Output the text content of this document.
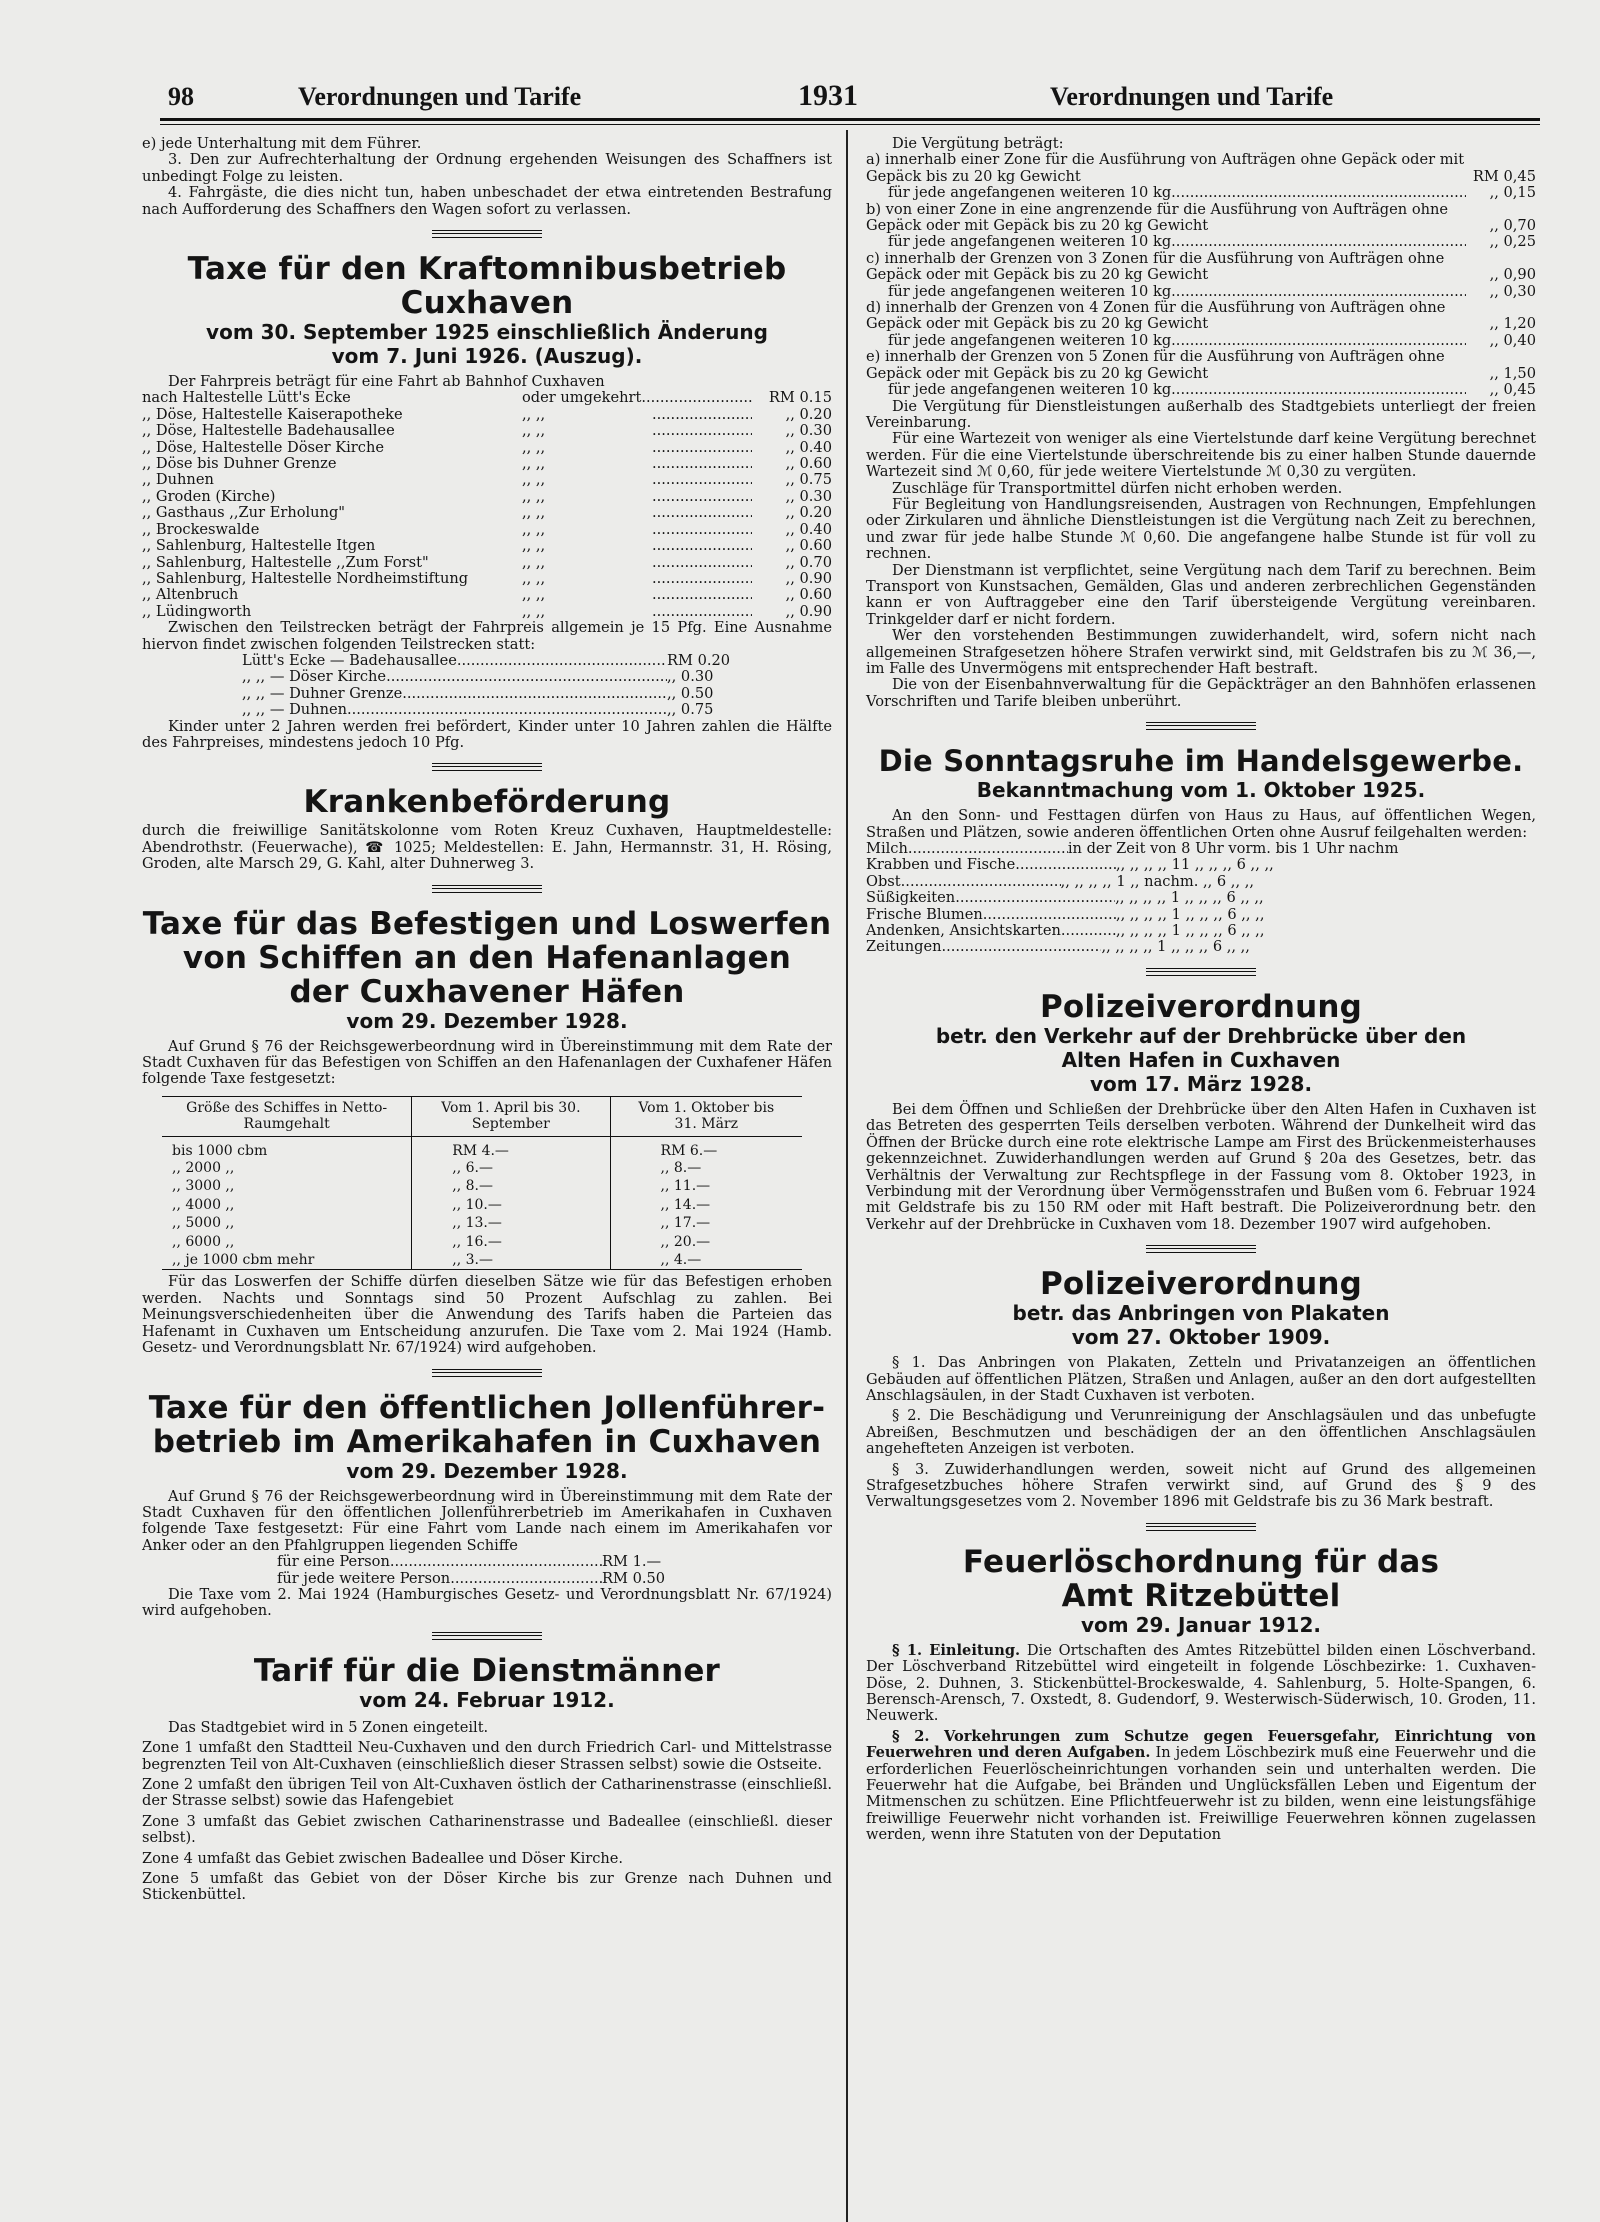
98	Verordnungen und Tarife	1931	Verordnungen und Tarife

e) jede Unterhaltung mit dem Führer.

3. Den zur Aufrechterhaltung der Ordnung ergehenden Weisungen des Schaffners ist unbedingt Folge zu leisten.

4. Fahrgäste, die dies nicht tun, haben unbeschadet der etwa eintretenden Bestrafung nach Aufforderung des Schaffners den Wagen sofort zu verlassen.

Taxe für den Kraftomnibusbetrieb Cuxhaven
vom 30. September 1925 einschließlich Änderung
vom 7. Juni 1926. (Auszug).

Der Fahrpreis beträgt für eine Fahrt ab Bahnhof Cuxhaven

nach Haltestelle Lütt's Ecke	oder umgekehrt .....	RM 0.15
,, Döse, Haltestelle Kaiserapotheke	,, ,, .....	,, 0.20
,, Döse, Haltestelle Badehausallee	,, ,, .....	,, 0.30
,, Döse, Haltestelle Döser Kirche	,, ,, .....	,, 0.40
,, Döse bis Duhner Grenze	,, ,, .....	,, 0.60
,, Duhnen	,, ,, .....	,, 0.75
,, Groden (Kirche)	,, ,, .....	,, 0.30
,, Gasthaus ,,Zur Erholung"	,, ,, .....	,, 0.20
,, Brockeswalde	,, ,, .....	,, 0.40
,, Sahlenburg, Haltestelle Itgen	,, ,, .....	,, 0.60
,, Sahlenburg, Haltestelle ,,Zum Forst"	,, ,, .....	,, 0.70
,, Sahlenburg, Haltestelle Nordheimstiftung	,, ,, .....	,, 0.90
,, Altenbruch	,, ,, .....	,, 0.60
,, Lüdingworth	,, ,, .....	,, 0.90

Zwischen den Teilstrecken beträgt der Fahrpreis allgemein je 15 Pfg. Eine Ausnahme hiervon findet zwischen folgenden Teilstrecken statt:

Lütt's Ecke — Badehausallee .....	RM 0.20
,, ,, — Döser Kirche .....	,, 0.30
,, ,, — Duhner Grenze .....	,, 0.50
,, ,, — Duhnen .....	,, 0.75

Kinder unter 2 Jahren werden frei befördert, Kinder unter 10 Jahren zahlen die Hälfte des Fahrpreises, mindestens jedoch 10 Pfg.

Krankenbeförderung

durch die freiwillige Sanitätskolonne vom Roten Kreuz Cuxhaven, Hauptmeldestelle: Abendrothstr. (Feuerwache), ☎ 1025; Meldestellen: E. Jahn, Hermannstr. 31, H. Rösing, Groden, alte Marsch 29, G. Kahl, alter Duhnerweg 3.

Taxe für das Befestigen und Loswerfen
von Schiffen an den Hafenanlagen
der Cuxhavener Häfen
vom 29. Dezember 1928.

Auf Grund § 76 der Reichsgewerbeordnung wird in Übereinstimmung mit dem Rate der Stadt Cuxhaven für das Befestigen von Schiffen an den Hafenanlagen der Cuxhafener Häfen folgende Taxe festgesetzt:

Größe des Schiffes in Netto-Raumgehalt	Vom 1. April bis 30. September	Vom 1. Oktober bis 31. März
bis 1000 cbm	RM 4.—	RM 6.—
,, 2000 ,,	,, 6.—	,, 8.—
,, 3000 ,,	,, 8.—	,, 11.—
,, 4000 ,,	,, 10.—	,, 14.—
,, 5000 ,,	,, 13.—	,, 17.—
,, 6000 ,,	,, 16.—	,, 20.—
,, je 1000 cbm mehr	,, 3.—	,, 4.—

Für das Loswerfen der Schiffe dürfen dieselben Sätze wie für das Befestigen erhoben werden. Nachts und Sonntags sind 50 Prozent Aufschlag zu zahlen. Bei Meinungsverschiedenheiten über die Anwendung des Tarifs haben die Parteien das Hafenamt in Cuxhaven um Entscheidung anzurufen. Die Taxe vom 2. Mai 1924 (Hamb. Gesetz- und Verordnungsblatt Nr. 67/1924) wird aufgehoben.

Taxe für den öffentlichen Jollenführer-
betrieb im Amerikahafen in Cuxhaven
vom 29. Dezember 1928.

Auf Grund § 76 der Reichsgewerbeordnung wird in Übereinstimmung mit dem Rate der Stadt Cuxhaven für den öffentlichen Jollenführerbetrieb im Amerikahafen in Cuxhaven folgende Taxe festgesetzt: Für eine Fahrt vom Lande nach einem im Amerikahafen vor Anker oder an den Pfahlgruppen liegenden Schiffe

für eine Person .....	RM 1.—
für jede weitere Person .....	RM 0.50

Die Taxe vom 2. Mai 1924 (Hamburgisches Gesetz- und Verordnungsblatt Nr. 67/1924) wird aufgehoben.

Tarif für die Dienstmänner
vom 24. Februar 1912.

Das Stadtgebiet wird in 5 Zonen eingeteilt.

Zone 1 umfaßt den Stadtteil Neu-Cuxhaven und den durch Friedrich Carl- und Mittelstrasse begrenzten Teil von Alt-Cuxhaven (einschließlich dieser Strassen selbst) sowie die Ostseite.

Zone 2 umfaßt den übrigen Teil von Alt-Cuxhaven östlich der Catharinenstrasse (einschließl. der Strasse selbst) sowie das Hafengebiet

Zone 3 umfaßt das Gebiet zwischen Catharinenstrasse und Badeallee (einschließl. dieser selbst).

Zone 4 umfaßt das Gebiet zwischen Badeallee und Döser Kirche.

Zone 5 umfaßt das Gebiet von der Döser Kirche bis zur Grenze nach Duhnen und Stickenbüttel.

Die Vergütung beträgt:

a) innerhalb einer Zone für die Ausführung von Aufträgen ohne Gepäck oder mit Gepäck bis zu 20 kg Gewicht	RM 0,45
für jede angefangenen weiteren 10 kg .....	,, 0,15
b) von einer Zone in eine angrenzende für die Ausführung von Aufträgen ohne Gepäck oder mit Gepäck bis zu 20 kg Gewicht	,, 0,70
für jede angefangenen weiteren 10 kg .....	,, 0,25
c) innerhalb der Grenzen von 3 Zonen für die Ausführung von Aufträgen ohne Gepäck oder mit Gepäck bis zu 20 kg Gewicht	,, 0,90
für jede angefangenen weiteren 10 kg .....	,, 0,30
d) innerhalb der Grenzen von 4 Zonen für die Ausführung von Aufträgen ohne Gepäck oder mit Gepäck bis zu 20 kg Gewicht	,, 1,20
für jede angefangenen weiteren 10 kg .....	,, 0,40
e) innerhalb der Grenzen von 5 Zonen für die Ausführung von Aufträgen ohne Gepäck oder mit Gepäck bis zu 20 kg Gewicht	,, 1,50
für jede angefangenen weiteren 10 kg .....	,, 0,45

Die Vergütung für Dienstleistungen außerhalb des Stadtgebiets unterliegt der freien Vereinbarung.

Für eine Wartezeit von weniger als eine Viertelstunde darf keine Vergütung berechnet werden. Für die eine Viertelstunde überschreitende bis zu einer halben Stunde dauernde Wartezeit sind ℳ 0,60, für jede weitere Viertelstunde ℳ 0,30 zu vergüten.

Zuschläge für Transportmittel dürfen nicht erhoben werden.

Für Begleitung von Handlungsreisenden, Austragen von Rechnungen, Empfehlungen oder Zirkularen und ähnliche Dienstleistungen ist die Vergütung nach Zeit zu berechnen, und zwar für jede halbe Stunde ℳ 0,60. Die angefangene halbe Stunde ist für voll zu rechnen.

Der Dienstmann ist verpflichtet, seine Vergütung nach dem Tarif zu berechnen. Beim Transport von Kunstsachen, Gemälden, Glas und anderen zerbrechlichen Gegenständen kann er von Auftraggeber eine den Tarif übersteigende Vergütung vereinbaren. Trinkgelder darf er nicht fordern.

Wer den vorstehenden Bestimmungen zuwiderhandelt, wird, sofern nicht nach allgemeinen Strafgesetzen höhere Strafen verwirkt sind, mit Geldstrafen bis zu ℳ 36,—, im Falle des Unvermögens mit entsprechender Haft bestraft.

Die von der Eisenbahnverwaltung für die Gepäckträger an den Bahnhöfen erlassenen Vorschriften und Tarife bleiben unberührt.

Die Sonntagsruhe im Handelsgewerbe.
Bekanntmachung vom 1. Oktober 1925.

An den Sonn- und Festtagen dürfen von Haus zu Haus, auf öffentlichen Wegen, Straßen und Plätzen, sowie anderen öffentlichen Orten ohne Ausruf feilgehalten werden:

Milch .....	in der Zeit von 8 Uhr vorm. bis 1 Uhr nachm
Krabben und Fische .....	,, ,, ,, ,, 11 ,, ,, ,, 6 ,, ,,
Obst .....	,, ,, ,, ,, 1 ,, nachm. ,, 6 ,, ,,
Süßigkeiten .....	,, ,, ,, ,, 1 ,, ,, ,, 6 ,, ,,
Frische Blumen .....	,, ,, ,, ,, 1 ,, ,, ,, 6 ,, ,,
Andenken, Ansichtskarten .....	,, ,, ,, ,, 1 ,, ,, ,, 6 ,, ,,
Zeitungen .....	,, ,, ,, ,, 1 ,, ,, ,, 6 ,, ,,
Polizeiverordnung
betr. den Verkehr auf der Drehbrücke über den
Alten Hafen in Cuxhaven
vom 17. März 1928.

Bei dem Öffnen und Schließen der Drehbrücke über den Alten Hafen in Cuxhaven ist das Betreten des gesperrten Teils derselben verboten. Während der Dunkelheit wird das Öffnen der Brücke durch eine rote elektrische Lampe am First des Brückenmeisterhauses gekennzeichnet. Zuwiderhandlungen werden auf Grund § 20a des Gesetzes, betr. das Verhältnis der Verwaltung zur Rechtspflege in der Fassung vom 8. Oktober 1923, in Verbindung mit der Verordnung über Vermögensstrafen und Bußen vom 6. Februar 1924 mit Geldstrafe bis zu 150 RM oder mit Haft bestraft. Die Polizeiverordnung betr. den Verkehr auf der Drehbrücke in Cuxhaven vom 18. Dezember 1907 wird aufgehoben.

Polizeiverordnung
betr. das Anbringen von Plakaten
vom 27. Oktober 1909.

§ 1. Das Anbringen von Plakaten, Zetteln und Privatanzeigen an öffentlichen Gebäuden auf öffentlichen Plätzen, Straßen und Anlagen, außer an den dort aufgestellten Anschlagsäulen, in der Stadt Cuxhaven ist verboten.

§ 2. Die Beschädigung und Verunreinigung der Anschlagsäulen und das unbefugte Abreißen, Beschmutzen und beschädigen der an den öffentlichen Anschlagsäulen angehefteten Anzeigen ist verboten.

§ 3. Zuwiderhandlungen werden, soweit nicht auf Grund des allgemeinen Strafgesetzbuches höhere Strafen verwirkt sind, auf Grund des § 9 des Verwaltungsgesetzes vom 2. November 1896 mit Geldstrafe bis zu 36 Mark bestraft.

Feuerlöschordnung für das
Amt Ritzebüttel
vom 29. Januar 1912.

§ 1. Einleitung. Die Ortschaften des Amtes Ritzebüttel bilden einen Löschverband. Der Löschverband Ritzebüttel wird eingeteilt in folgende Löschbezirke: 1. Cuxhaven-Döse, 2. Duhnen, 3. Stickenbüttel-Brockeswalde, 4. Sahlenburg, 5. Holte-Spangen, 6. Berensch-Arensch, 7. Oxstedt, 8. Gudendorf, 9. Westerwisch-Süderwisch, 10. Groden, 11. Neuwerk.

§ 2. Vorkehrungen zum Schutze gegen Feuersgefahr, Einrichtung von Feuerwehren und deren Aufgaben. In jedem Löschbezirk muß eine Feuerwehr und die erforderlichen Feuerlöscheinrichtungen vorhanden sein und unterhalten werden. Die Feuerwehr hat die Aufgabe, bei Bränden und Unglücksfällen Leben und Eigentum der Mitmenschen zu schützen. Eine Pflichtfeuerwehr ist zu bilden, wenn eine leistungsfähige freiwillige Feuerwehr nicht vorhanden ist. Freiwillige Feuerwehren können zugelassen werden, wenn ihre Statuten von der Deputation
